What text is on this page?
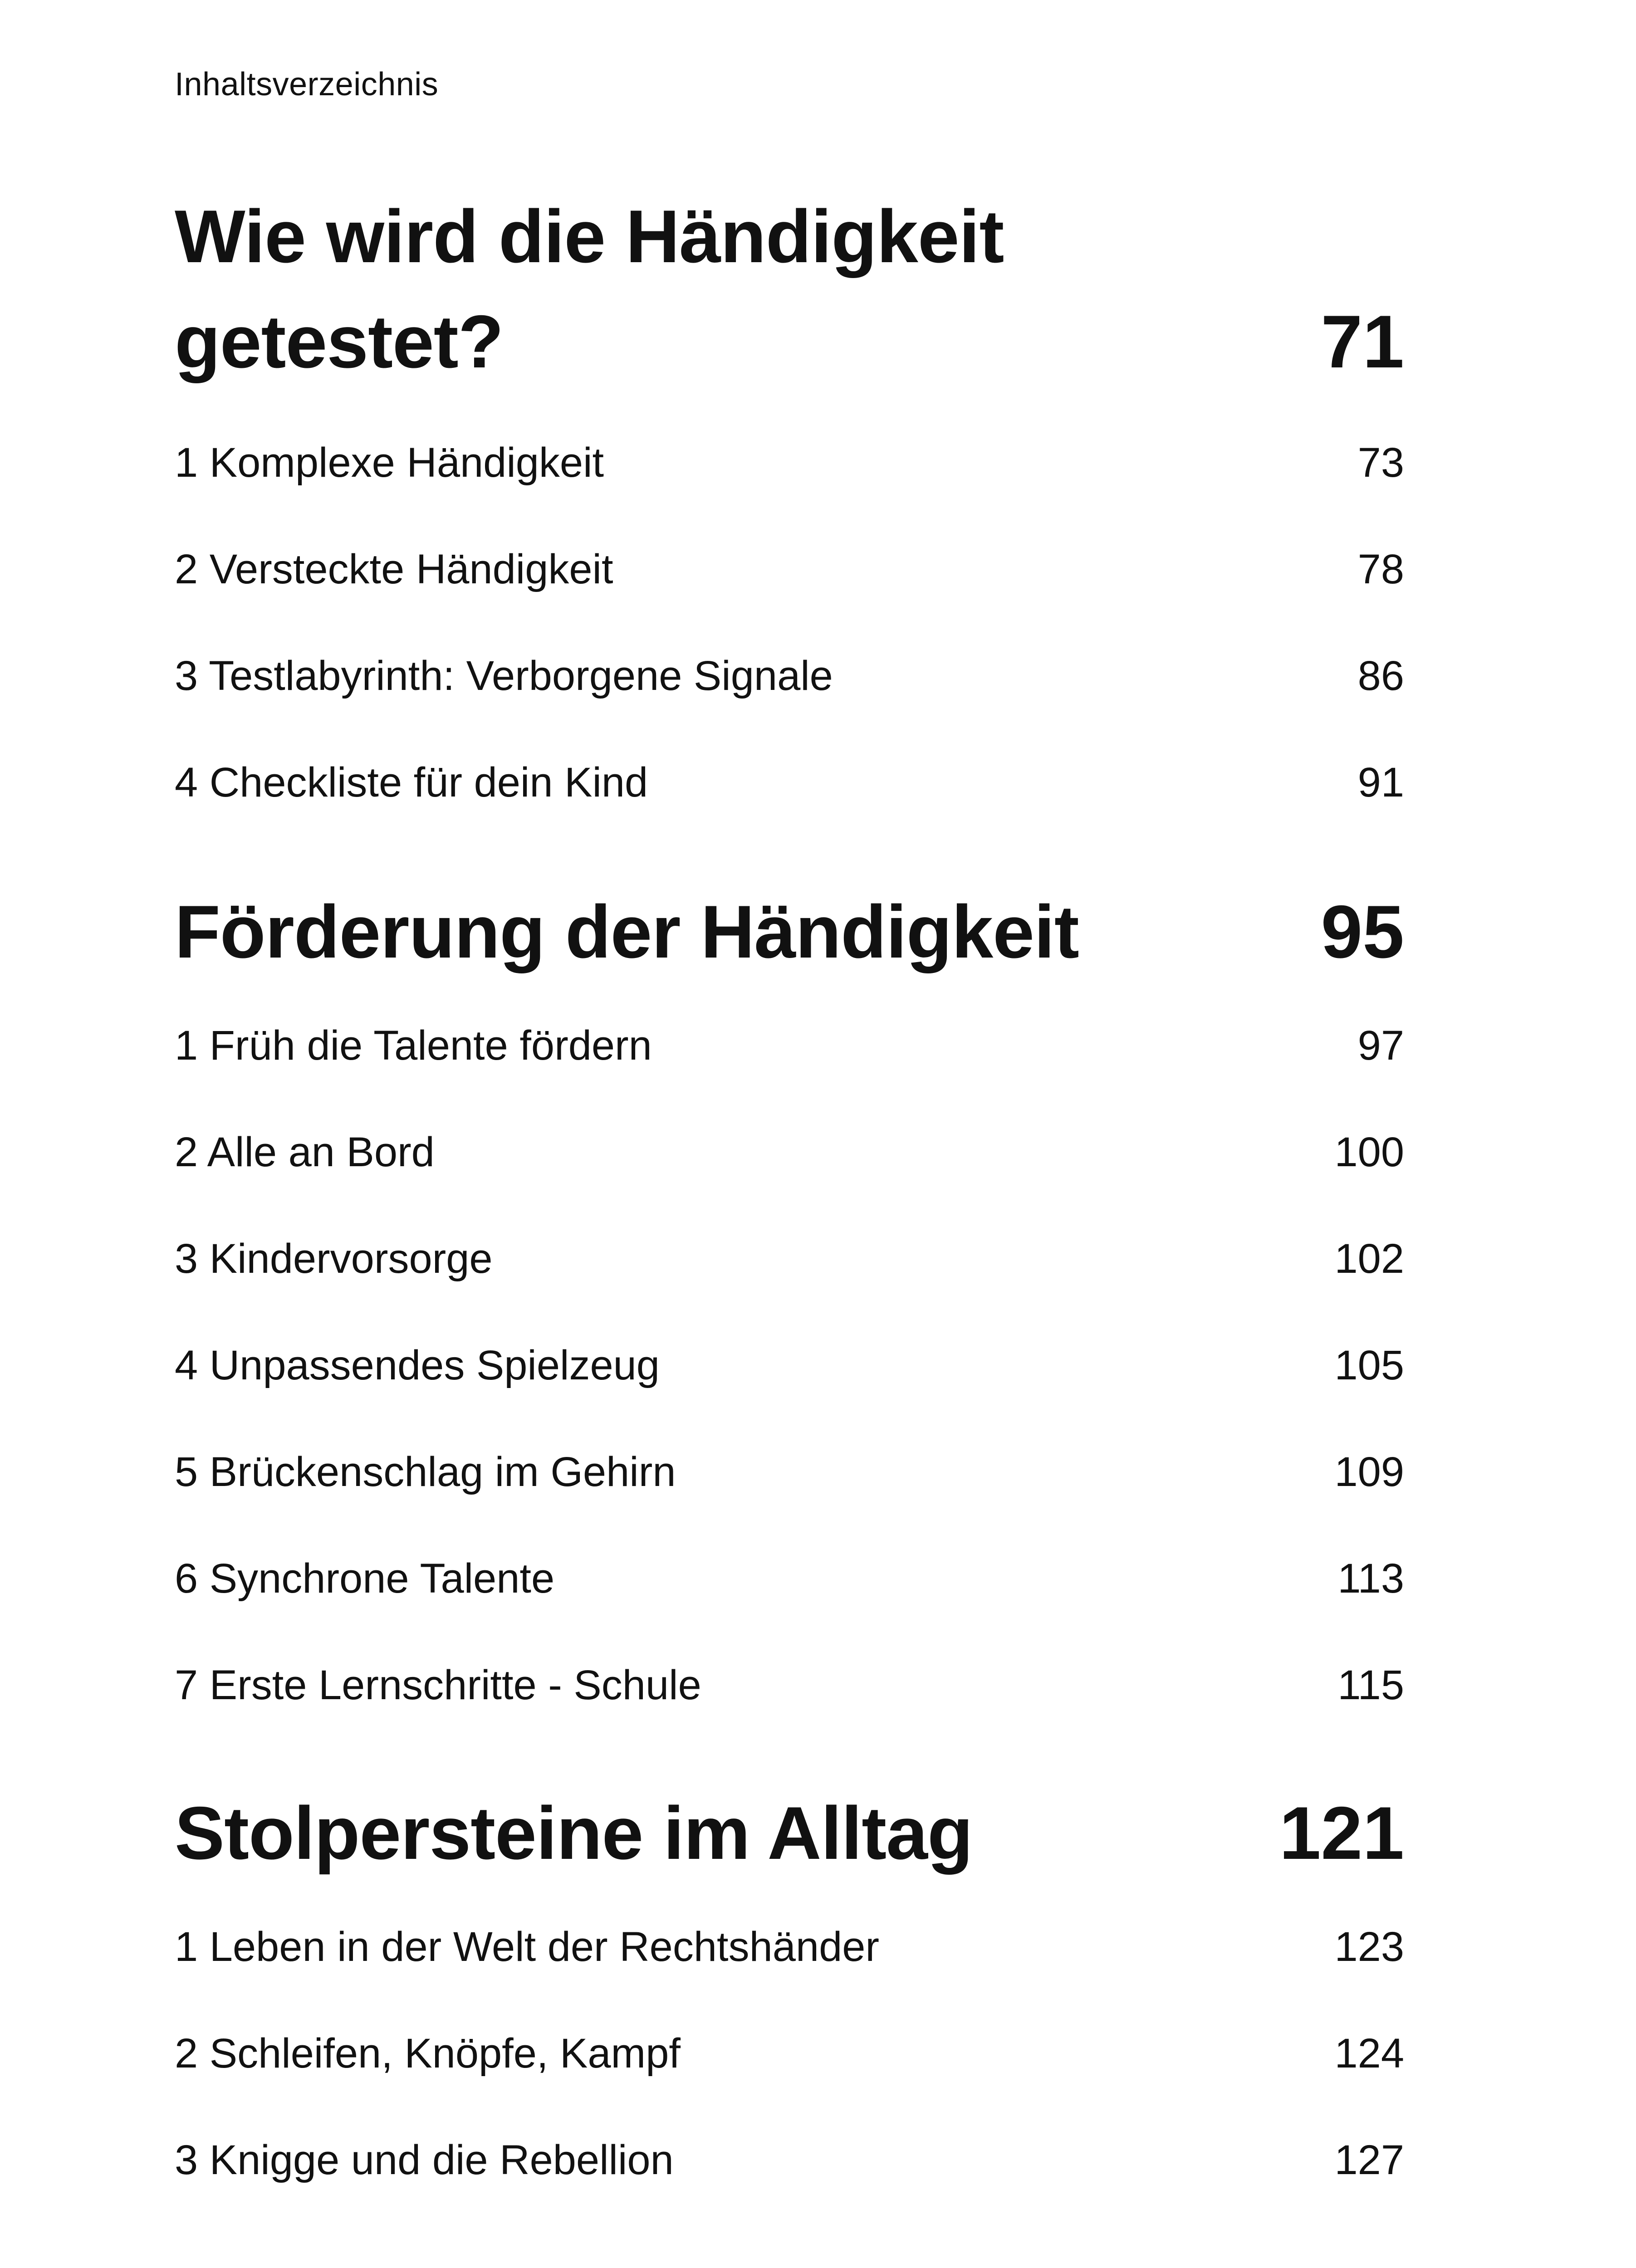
Inhaltsverzeichnis
Wie wird die Händigkeit getestet?	71
1 Komplexe Händigkeit	73
2 Versteckte Händigkeit	78
3 Testlabyrinth: Verborgene Signale	86
4 Checkliste für dein Kind	91
Förderung der Händigkeit	95
1 Früh die Talente fördern	97
2 Alle an Bord	100
3 Kindervorsorge	102
4 Unpassendes Spielzeug	105
5 Brückenschlag im Gehirn	109
6 Synchrone Talente	113
7 Erste Lernschritte - Schule	115
Stolpersteine im Alltag	121
1 Leben in der Welt der Rechtshänder	123
2 Schleifen, Knöpfe, Kampf	124
3 Knigge und die Rebellion	127
